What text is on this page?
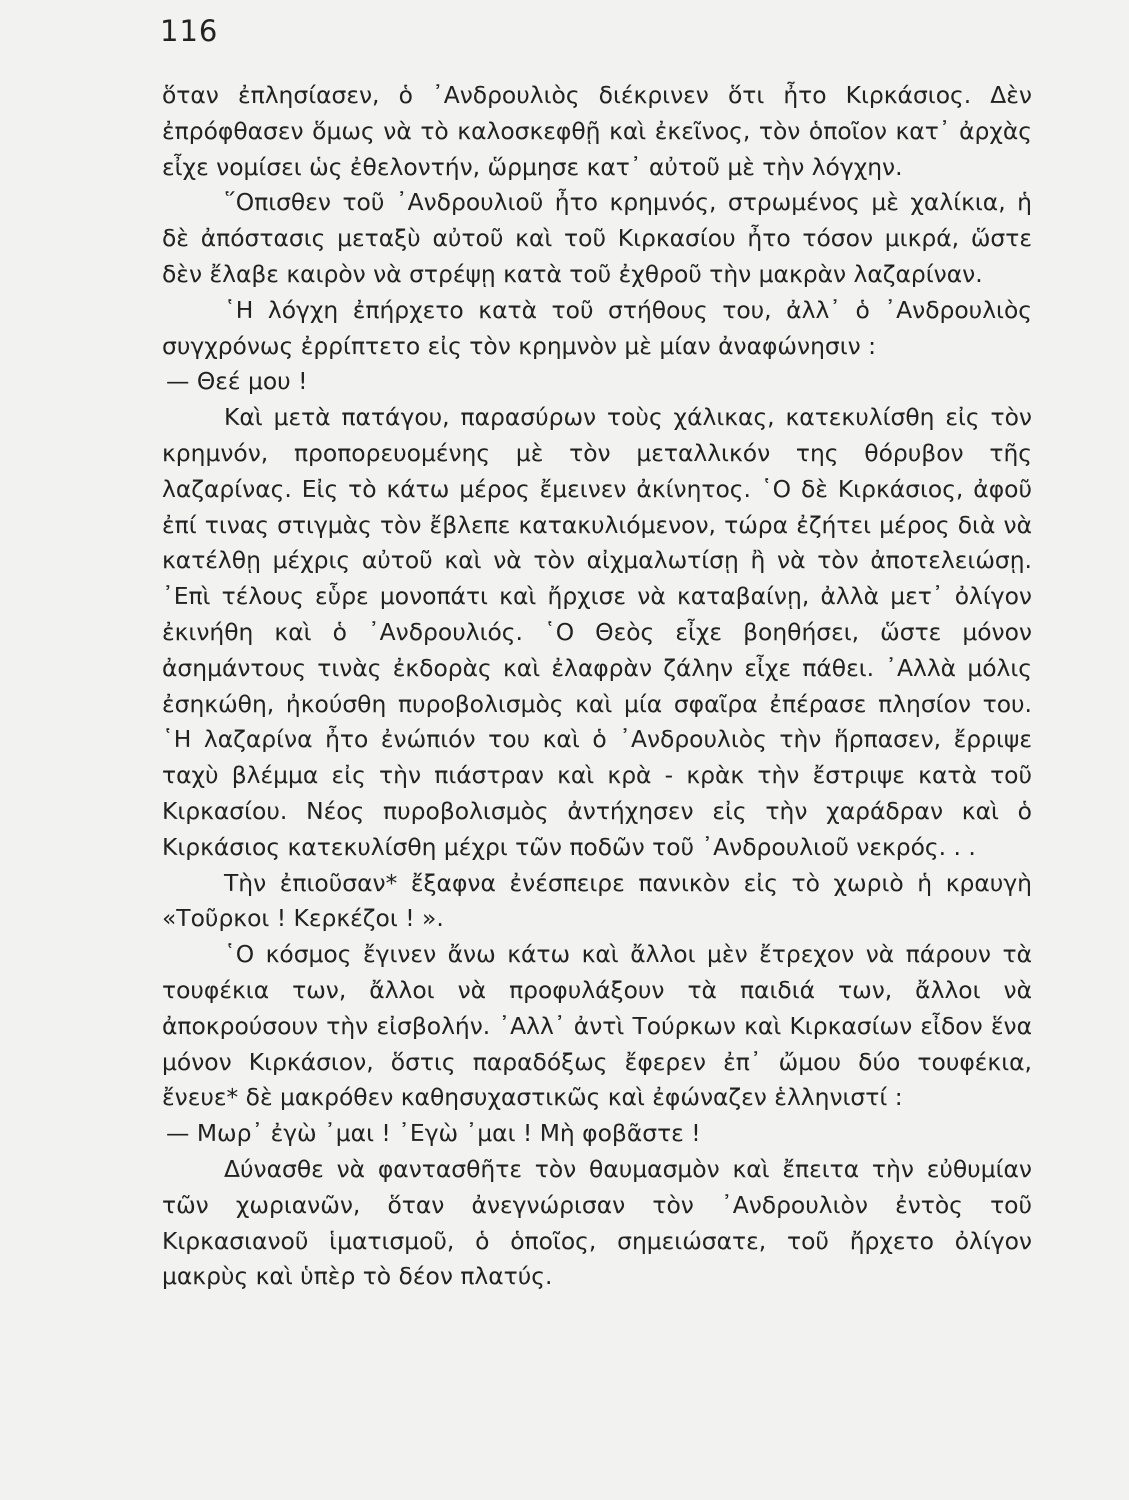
116

ὅταν ἐπλησίασεν, ὁ ᾿Ανδρουλιὸς διέκρινεν ὅτι ἦτο Κιρκάσιος. Δὲν ἐπρόφθασεν ὅμως νὰ τὸ καλοσκεφθῇ καὶ ἐκεῖνος, τὸν ὁποῖον κατ᾿ ἀρχὰς εἶχε νομίσει ὡς ἐθελοντήν, ὥρμησε κατ᾿ αὐτοῦ μὲ τὴν λόγχην.

῞Οπισθεν τοῦ ᾿Ανδρουλιοῦ ἦτο κρημνός, στρωμένος μὲ χαλίκια, ἡ δὲ ἀπόστασις μεταξὺ αὐτοῦ καὶ τοῦ Κιρκασίου ἦτο τόσον μικρά, ὥστε δὲν ἔλαβε καιρὸν νὰ στρέψῃ κατὰ τοῦ ἐχθροῦ τὴν μακρὰν λαζαρίναν.

῾Η λόγχη ἐπήρχετο κατὰ τοῦ στήθους του, ἀλλ᾿ ὁ ᾿Ανδρουλιὸς συγχρόνως ἐρρίπτετο εἰς τὸν κρημνὸν μὲ μίαν ἀναφώνησιν :

— Θεέ μου !

Καὶ μετὰ πατάγου, παρασύρων τοὺς χάλικας, κατεκυλίσθη εἰς τὸν κρημνόν, προπορευομένης μὲ τὸν μεταλλικόν της θόρυβον τῆς λαζαρίνας. Εἰς τὸ κάτω μέρος ἔμεινεν ἀκίνητος. ῾Ο δὲ Κιρκάσιος, ἀφοῦ ἐπί τινας στιγμὰς τὸν ἔβλεπε κατακυλιόμενον, τώρα ἐζήτει μέρος διὰ νὰ κατέλθῃ μέχρις αὐτοῦ καὶ νὰ τὸν αἰχμαλωτίσῃ ἢ νὰ τὸν ἀποτελειώσῃ. ᾿Επὶ τέλους εὗρε μονοπάτι καὶ ἤρχισε νὰ καταβαίνῃ, ἀλλὰ μετ᾿ ὀλίγον ἐκινήθη καὶ ὁ ᾿Ανδρουλιός. ῾Ο Θεὸς εἶχε βοηθήσει, ὥστε μόνον ἀσημάντους τινὰς ἐκδορὰς καὶ ἐλαφρὰν ζάλην εἶχε πάθει. ᾿Αλλὰ μόλις ἐσηκώθη, ἠκούσθη πυροβολισμὸς καὶ μία σφαῖρα ἐπέρασε πλησίον του. ῾Η λαζαρίνα ἦτο ἐνώπιόν του καὶ ὁ ᾿Ανδρουλιὸς τὴν ἥρπασεν, ἔρριψε ταχὺ βλέμμα εἰς τὴν πιάστραν καὶ κρὰ - κρὰκ τὴν ἔστριψε κατὰ τοῦ Κιρκασίου. Νέος πυροβολισμὸς ἀντήχησεν εἰς τὴν χαράδραν καὶ ὁ Κιρκάσιος κατεκυλίσθη μέχρι τῶν ποδῶν τοῦ ᾿Ανδρουλιοῦ νεκρός. . .

Τὴν ἐπιοῦσαν* ἔξαφνα ἐνέσπειρε πανικὸν εἰς τὸ χωριὸ ἡ κραυγὴ «Τοῦρκοι ! Κερκέζοι ! ».

῾Ο κόσμος ἔγινεν ἄνω κάτω καὶ ἄλλοι μὲν ἔτρεχον νὰ πάρουν τὰ τουφέκια των, ἄλλοι νὰ προφυλάξουν τὰ παιδιά των, ἄλλοι νὰ ἀποκρούσουν τὴν εἰσβολήν. ᾿Αλλ᾿ ἀντὶ Τούρκων καὶ Κιρκασίων εἶδον ἕνα μόνον Κιρκάσιον, ὅστις παραδόξως ἔφερεν ἐπ᾿ ὤμου δύο τουφέκια, ἔνευε* δὲ μακρόθεν καθησυχαστικῶς καὶ ἐφώναζεν ἑλληνιστί :

— Μωρ᾿ ἐγὼ ᾿μαι ! ᾿Εγὼ ᾿μαι ! Μὴ φοβᾶστε !

Δύνασθε νὰ φαντασθῆτε τὸν θαυμασμὸν καὶ ἔπειτα τὴν εὐθυμίαν τῶν χωριανῶν, ὅταν ἀνεγνώρισαν τὸν ᾿Ανδρουλιὸν ἐντὸς τοῦ Κιρκασιανοῦ ἱματισμοῦ, ὁ ὁποῖος, σημειώσατε, τοῦ ἤρχετο ὀλίγον μακρὺς καὶ ὑπὲρ τὸ δέον πλατύς.
